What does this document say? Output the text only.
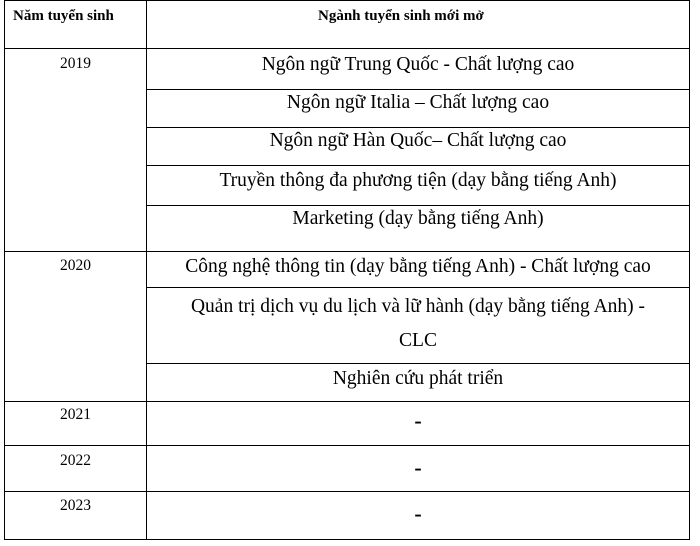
Năm tuyển sinh	Ngành tuyển sinh mới mở
2019	Ngôn ngữ Trung Quốc - Chất lượng cao
Ngôn ngữ Italia – Chất lượng cao
Ngôn ngữ Hàn Quốc– Chất lượng cao
Truyền thông đa phương tiện (dạy bằng tiếng Anh)
Marketing (dạy bằng tiếng Anh)
2020	Công nghệ thông tin (dạy bằng tiếng Anh) - Chất lượng cao
Quản trị dịch vụ du lịch và lữ hành (dạy bằng tiếng Anh) -
CLC
Nghiên cứu phát triển
2021	-
2022	-
2023	-
